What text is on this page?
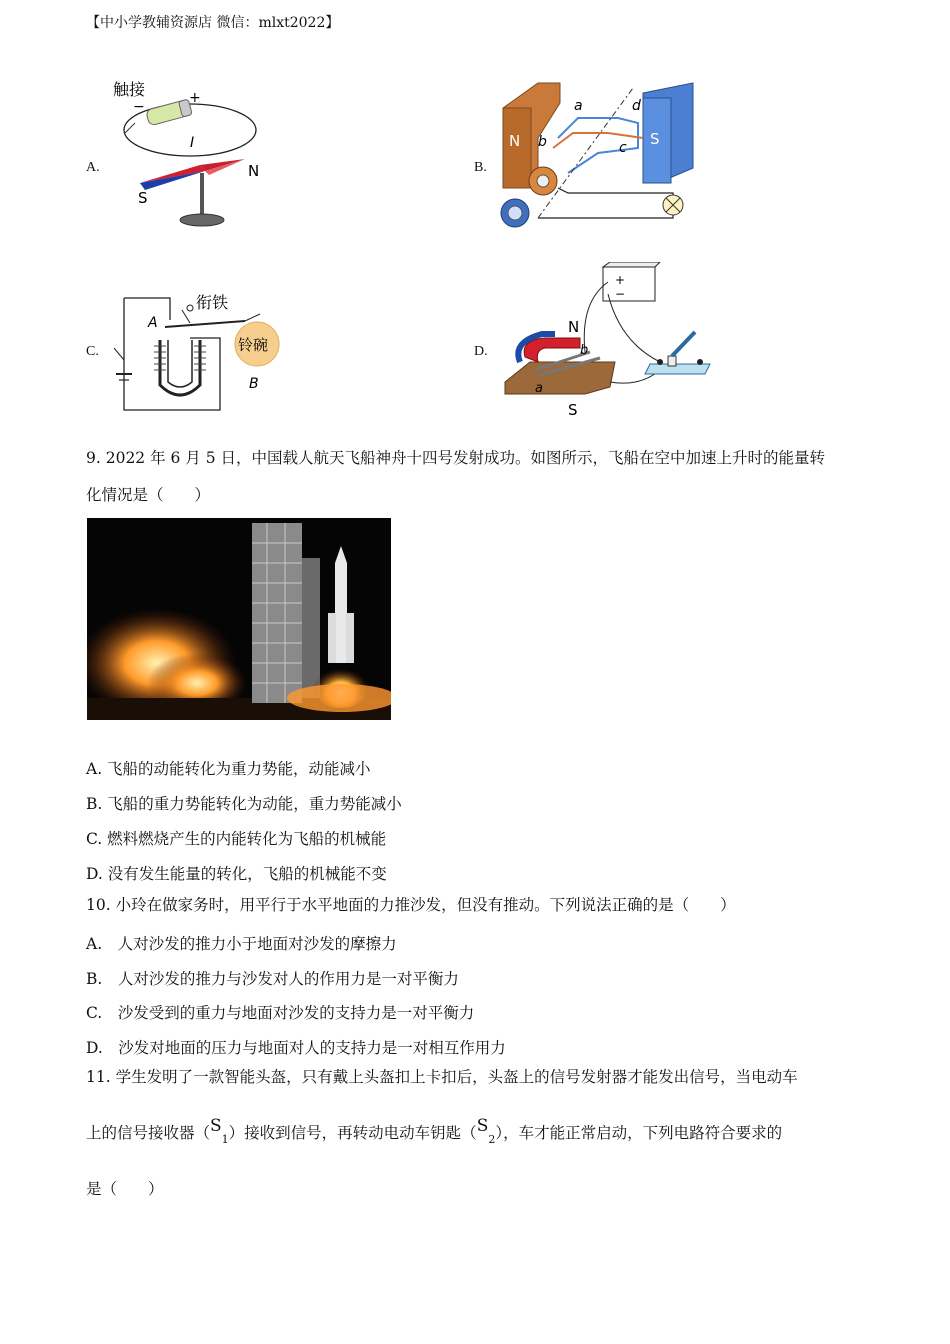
【中小学教辅资源店 微信：mlxt2022】
A.	B.
C.	D.
触接
−
+
I
S
N
N	S
a
b	c
d
衔铁
A
铃碗
B
+
−
N
b
a
S
9. 2022 年 6 月 5 日，中国载人航天飞船神舟十四号发射成功。如图所示，飞船在空中加速上升时的能量转
化情况是（　　）
A. 飞船的动能转化为重力势能，动能减小
B. 飞船的重力势能转化为动能，重力势能减小
C. 燃料燃烧产生的内能转化为飞船的机械能
D. 没有发生能量的转化，飞船的机械能不变
10. 小玲在做家务时，用平行于水平地面的力推沙发，但没有推动。下列说法正确的是（　　）
A.　人对沙发的推力小于地面对沙发的摩擦力
B.　人对沙发的推力与沙发对人的作用力是一对平衡力
C.　沙发受到的重力与地面对沙发的支持力是一对平衡力
D.　沙发对地面的压力与地面对人的支持力是一对相互作用力
11. 学生发明了一款智能头盔，只有戴上头盔扣上卡扣后，头盔上的信号发射器才能发出信号，当电动车
上的信号接收器$(S_1)$接收到信号，再转动电动车钥匙$(S_2)$，车才能正常启动，下列电路符合要求的
是（　　）
